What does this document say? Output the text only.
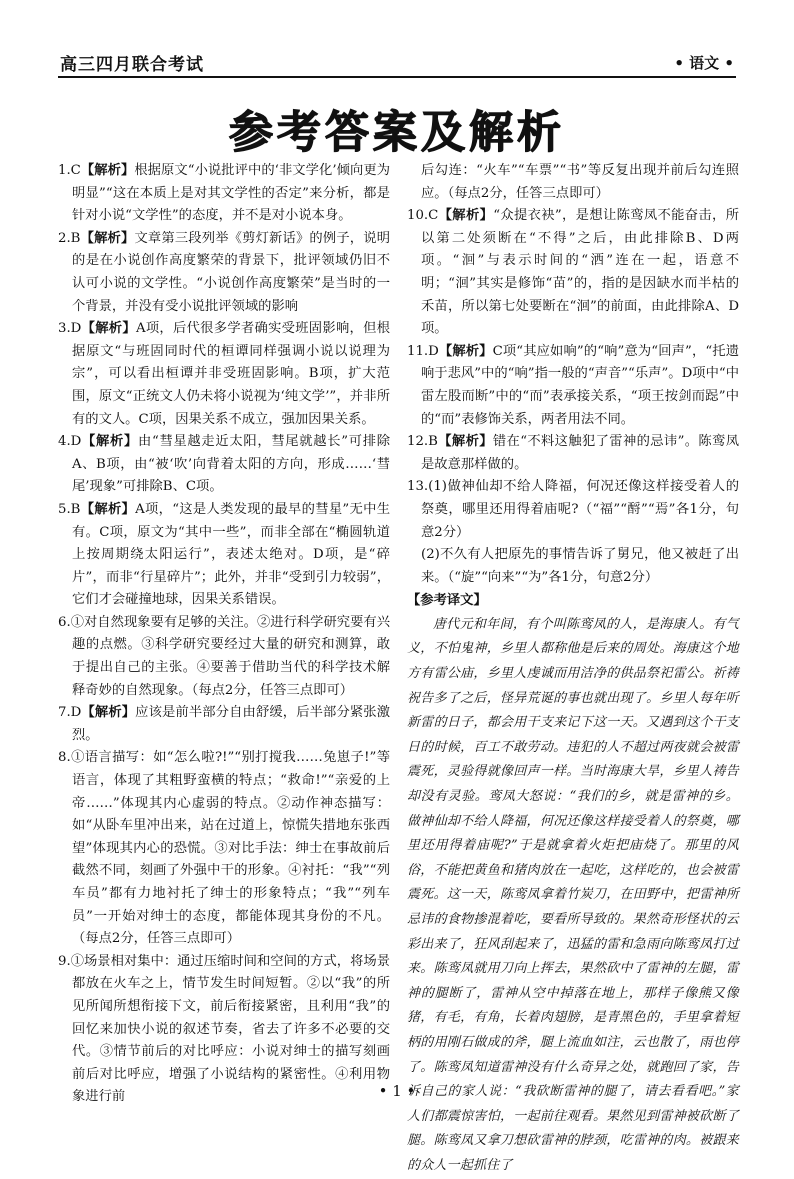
高三四月联合考试	• 语文 •
参考答案及解析
1.C【解析】根据原文“小说批评中的‘非文学化’倾向更为明显”“这在本质上是对其文学性的否定”来分析，都是针对小说“文学性”的态度，并不是对小说本身。
2.B【解析】文章第三段列举《剪灯新话》的例子，说明的是在小说创作高度繁荣的背景下，批评领域仍旧不认可小说的文学性。“小说创作高度繁荣”是当时的一个背景，并没有受小说批评领域的影响
3.D【解析】A项，后代很多学者确实受班固影响，但根据原文“与班固同时代的桓谭同样强调小说以说理为宗”，可以看出桓谭并非受班固影响。B项，扩大范围，原文“正统文人仍未将小说视为‘纯文学’”，并非所有的文人。C项，因果关系不成立，强加因果关系。
4.D【解析】由“彗星越走近太阳，彗尾就越长”可排除A、B项，由“被‘吹’向背着太阳的方向，形成……‘彗尾’现象”可排除B、C项。
5.B【解析】A项，“这是人类发现的最早的彗星”无中生有。C项，原文为“其中一些”，而非全部在“椭圆轨道上按周期绕太阳运行”，表述太绝对。D项，是“碎片”，而非“行星碎片”；此外，并非“受到引力较弱”，它们才会碰撞地球，因果关系错误。
6.①对自然现象要有足够的关注。②进行科学研究要有兴趣的点燃。③科学研究要经过大量的研究和测算，敢于提出自己的主张。④要善于借助当代的科学技术解释奇妙的自然现象。（每点2分，任答三点即可）
7.D【解析】应该是前半部分自由舒缓，后半部分紧张激烈。
8.①语言描写：如“怎么啦?!”“别打搅我……兔崽子!”等语言，体现了其粗野蛮横的特点；“救命!”“亲爱的上帝……”体现其内心虚弱的特点。②动作神态描写：如“从卧车里冲出来，站在过道上，惊慌失措地东张西望”体现其内心的恐慌。③对比手法：绅士在事故前后截然不同，刻画了外强中干的形象。④衬托：“我”“列车员”都有力地衬托了绅士的形象特点；“我”“列车员”一开始对绅士的态度，都能体现其身份的不凡。（每点2分，任答三点即可）
9.①场景相对集中：通过压缩时间和空间的方式，将场景都放在火车之上，情节发生时间短暂。②以“我”的所见所闻所想衔接下文，前后衔接紧密，且利用“我”的回忆来加快小说的叙述节奏，省去了许多不必要的交代。③情节前后的对比呼应：小说对绅士的描写刻画前后对比呼应，增强了小说结构的紧密性。④利用物象进行前
后勾连：“火车”“车票”“书”等反复出现并前后勾连照应。（每点2分，任答三点即可）
10.C【解析】“众提衣袂”，是想让陈鸾凤不能奋击，所以第二处须断在“不得”之后，由此排除B、D两项。“洄”与表示时间的“洒”连在一起，语意不明；“洄”其实是修饰“苗”的，指的是因缺水而半枯的禾苗，所以第七处要断在“洄”的前面，由此排除A、D项。
11.D【解析】C项“其应如响”的“响”意为“回声”，“托遗响于悲风”中的“响”指一般的“声音”“乐声”。D项中“中雷左股而断”中的“而”表承接关系，“项王按剑而跽”中的“而”表修饰关系，两者用法不同。
12.B【解析】错在“不料这触犯了雷神的忌讳”。陈鸾凤是故意那样做的。
13.(1)做神仙却不给人降福，何况还像这样接受着人的祭奠，哪里还用得着庙呢?（“福”“酹”“焉”各1分，句意2分）
(2)不久有人把原先的事情告诉了舅兄，他又被赶了出来。（“旋”“向来”“为”各1分，句意2分）
【参考译文】
唐代元和年间，有个叫陈鸾凤的人，是海康人。有气义，不怕鬼神，乡里人都称他是后来的周处。海康这个地方有雷公庙，乡里人虔诚而用洁净的供品祭祀雷公。祈祷祝告多了之后，怪异荒诞的事也就出现了。乡里人每年听新雷的日子，都会用干支来记下这一天。又遇到这个干支日的时候，百工不敢劳动。违犯的人不超过两夜就会被雷震死，灵验得就像回声一样。当时海康大旱，乡里人祷告却没有灵验。鸾凤大怒说：“我们的乡，就是雷神的乡。做神仙却不给人降福，何况还像这样接受着人的祭奠，哪里还用得着庙呢?”于是就拿着火炬把庙烧了。那里的风俗，不能把黄鱼和猪肉放在一起吃，这样吃的，也会被雷震死。这一天，陈鸾凤拿着竹炭刀，在田野中，把雷神所忌讳的食物掺混着吃，要看所导致的。果然奇形怪状的云彩出来了，狂风刮起来了，迅猛的雷和急雨向陈鸾凤打过来。陈鸾凤就用刀向上挥去，果然砍中了雷神的左腿，雷神的腿断了，雷神从空中掉落在地上，那样子像熊又像猪，有毛，有角，长着肉翅膀，是青黑色的，手里拿着短柄的用刚石做成的斧，腿上流血如注，云也散了，雨也停了。陈鸾凤知道雷神没有什么奇异之处，就跑回了家，告诉自己的家人说：“我砍断雷神的腿了，请去看看吧。”家人们都震惊害怕，一起前往观看。果然见到雷神被砍断了腿。陈鸾凤又拿刀想砍雷神的脖颈，吃雷神的肉。被跟来的众人一起抓住了
• 1 •
